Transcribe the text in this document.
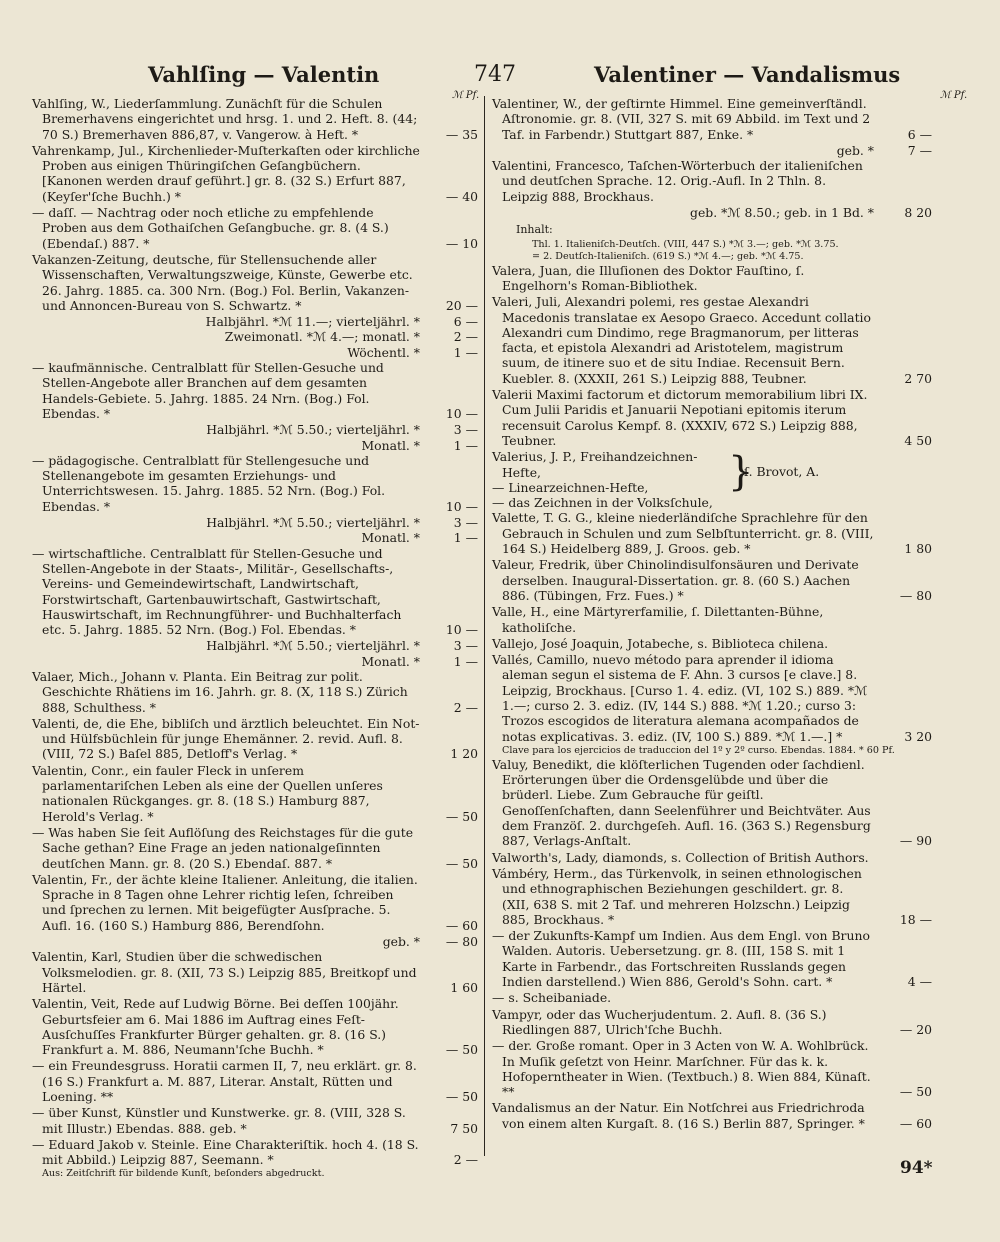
Vahlſing — Valentin	747	Valentiner — Vandalismus
ℳ Pf.	ℳ Pf.
Vahlſing, W., Liederſammlung. Zunächſt für die Schulen Bremerhavens eingerichtet und hrsg. 1. und 2. Heft. 8. (44; 70 S.) Bremerhaven 886,87, v. Vangerow. à Heft. *	— 35
Vahrenkamp, Jul., Kirchenlieder-Muſterkaſten oder kirchliche Proben aus einigen Thüringiſchen Geſangbüchern. [Kanonen werden drauf geführt.] gr. 8. (32 S.) Erfurt 887, (Keyſer'ſche Buchh.) *	— 40
— daſſ. — Nachtrag oder noch etliche zu empfehlende Proben aus dem Gothaiſchen Geſangbuche. gr. 8. (4 S.) (Ebendaſ.) 887. *	— 10
Vakanzen-Zeitung, deutsche, für Stellensuchende aller Wissenschaften, Verwaltungszweige, Künste, Gewerbe etc. 26. Jahrg. 1885. ca. 300 Nrn. (Bog.) Fol. Berlin, Vakanzen- und Annoncen-Bureau von S. Schwartz. *	20 —
Halbjährl. *ℳ 11.—; vierteljährl. *	6 —
Zweimonatl. *ℳ 4.—; monatl. *	2 —
Wöchentl. *	1 —
— kaufmännische. Centralblatt für Stellen-Gesuche und Stellen-Angebote aller Branchen auf dem gesamten Handels-Gebiete. 5. Jahrg. 1885. 24 Nrn. (Bog.) Fol. Ebendas. *	10 —
Halbjährl. *ℳ 5.50.; vierteljährl. *	3 —
Monatl. *	1 —
— pädagogische. Centralblatt für Stellengesuche und Stellenangebote im gesamten Erziehungs- und Unterrichtswesen. 15. Jahrg. 1885. 52 Nrn. (Bog.) Fol. Ebendas. *	10 —
Halbjährl. *ℳ 5.50.; vierteljährl. *	3 —
Monatl. *	1 —
— wirtschaftliche. Centralblatt für Stellen-Gesuche und Stellen-Angebote in der Staats-, Militär-, Gesellschafts-, Vereins- und Gemeindewirtschaft, Landwirtschaft, Forstwirtschaft, Gartenbauwirtschaft, Gastwirtschaft, Hauswirtschaft, im Rechnungführer- und Buchhalterfach etc. 5. Jahrg. 1885. 52 Nrn. (Bog.) Fol. Ebendas. *	10 —
Halbjährl. *ℳ 5.50.; vierteljährl. *	3 —
Monatl. *	1 —
Valaer, Mich., Johann v. Planta. Ein Beitrag zur polit. Geschichte Rhätiens im 16. Jahrh. gr. 8. (X, 118 S.) Zürich 888, Schulthess. *	2 —
Valenti, de, die Ehe, bibliſch und ärztlich beleuchtet. Ein Not- und Hülfsbüchlein für junge Ehemänner. 2. revid. Aufl. 8. (VIII, 72 S.) Baſel 885, Detloff's Verlag. *	1 20
Valentin, Conr., ein fauler Fleck in unſerem parlamentariſchen Leben als eine der Quellen unſeres nationalen Rückganges. gr. 8. (18 S.) Hamburg 887, Herold's Verlag. *	— 50
— Was haben Sie ſeit Auflöſung des Reichstages für die gute Sache gethan? Eine Frage an jeden nationalgeſinnten deutſchen Mann. gr. 8. (20 S.) Ebendaſ. 887. *	— 50
Valentin, Fr., der ächte kleine Italiener. Anleitung, die italien. Sprache in 8 Tagen ohne Lehrer richtig leſen, ſchreiben und ſprechen zu lernen. Mit beigefügter Ausſprache. 5. Aufl. 16. (160 S.) Hamburg 886, Berendſohn.	— 60
geb. *	— 80
Valentin, Karl, Studien über die schwedischen Volksmelodien. gr. 8. (XII, 73 S.) Leipzig 885, Breitkopf und Härtel.	1 60
Valentin, Veit, Rede auf Ludwig Börne. Bei deſſen 100jähr. Geburtsfeier am 6. Mai 1886 im Auftrag eines Feſt-Ausſchuſſes Frankfurter Bürger gehalten. gr. 8. (16 S.) Frankfurt a. M. 886, Neumann'ſche Buchh. *	— 50
— ein Freundesgruss. Horatii carmen II, 7, neu erklärt. gr. 8. (16 S.) Frankfurt a. M. 887, Literar. Anstalt, Rütten und Loening. **	— 50
— über Kunst, Künstler und Kunstwerke. gr. 8. (VIII, 328 S. mit Illustr.) Ebendas. 888. geb. *	7 50
— Eduard Jakob v. Steinle. Eine Charakteriſtik. hoch 4. (18 S. mit Abbild.) Leipzig 887, Seemann. *	2 —
Aus: Zeitſchrift für bildende Kunſt, beſonders abgedruckt.
Valentiner, W., der geſtirnte Himmel. Eine gemeinverſtändl. Aſtronomie. gr. 8. (VII, 327 S. mit 69 Abbild. im Text und 2 Taf. in Farbendr.) Stuttgart 887, Enke. *	6 —
geb. *	7 —
Valentini, Francesco, Taſchen-Wörterbuch der italieniſchen und deutſchen Sprache. 12. Orig.-Aufl. In 2 Thln. 8. Leipzig 888, Brockhaus.
geb. *ℳ 8.50.; geb. in 1 Bd. *	8 20
Inhalt:
Thl. 1. Italieniſch-Deutſch. (VIII, 447 S.) *ℳ 3.—; geb. *ℳ 3.75.
= 2. Deutſch-Italieniſch. (619 S.) *ℳ 4.—; geb. *ℳ 4.75.
Valera, Juan, die Illuſionen des Doktor Fauſtino, ſ. Engelhorn's Roman-Bibliothek.
Valeri, Juli, Alexandri polemi, res gestae Alexandri Macedonis translatae ex Aesopo Graeco. Accedunt collatio Alexandri cum Dindimo, rege Bragmanorum, per litteras facta, et epistola Alexandri ad Aristotelem, magistrum suum, de itinere suo et de situ Indiae. Recensuit Bern. Kuebler. 8. (XXXII, 261 S.) Leipzig 888, Teubner.	2 70
Valerii Maximi factorum et dictorum memorabilium libri IX. Cum Julii Paridis et Januarii Nepotiani epitomis iterum recensuit Carolus Kempf. 8. (XXXIV, 672 S.) Leipzig 888, Teubner.	4 50
Valerius, J. P., Freihandzeichnen-Hefte,
— Linearzeichnen-Hefte,
— das Zeichnen in der Volksſchule,
}
ſ. Brovot, A.
Valette, T. G. G., kleine niederländiſche Sprachlehre für den Gebrauch in Schulen und zum Selbſtunterricht. gr. 8. (VIII, 164 S.) Heidelberg 889, J. Groos. geb. *	1 80
Valeur, Fredrik, über Chinolindisulfonsäuren und Derivate derselben. Inaugural-Dissertation. gr. 8. (60 S.) Aachen 886. (Tübingen, Frz. Fues.) *	— 80
Valle, H., eine Märtyrerfamilie, ſ. Dilettanten-Bühne, katholiſche.
Vallejo, José Joaquin, Jotabeche, s. Biblioteca chilena.
Vallés, Camillo, nuevo método para aprender il idioma aleman segun el sistema de F. Ahn. 3 cursos [e clave.] 8. Leipzig, Brockhaus. [Curso 1. 4. ediz. (VI, 102 S.) 889. *ℳ 1.—; curso 2. 3. ediz. (IV, 144 S.) 888. *ℳ 1.20.; curso 3: Trozos escogidos de literatura alemana acompañados de notas explicativas. 3. ediz. (IV, 100 S.) 889. *ℳ 1.—.] *	3 20
Clave para los ejercicios de traduccion del 1º y 2º curso. Ebendas. 1884. * 60 Pf.
Valuy, Benedikt, die klöſterlichen Tugenden oder ſachdienl. Erörterungen über die Ordensgelübde und über die brüderl. Liebe. Zum Gebrauche für geiſtl. Genoſſenſchaften, dann Seelenführer und Beichtväter. Aus dem Franzöſ. 2. durchgeſeh. Aufl. 16. (363 S.) Regensburg 887, Verlags-Anſtalt.	— 90
Valworth's, Lady, diamonds, s. Collection of British Authors.
Vámbéry, Herm., das Türkenvolk, in seinen ethnologischen und ethnographischen Beziehungen geschildert. gr. 8. (XII, 638 S. mit 2 Taf. und mehreren Holzschn.) Leipzig 885, Brockhaus. *	18 —
— der Zukunfts-Kampf um Indien. Aus dem Engl. von Bruno Walden. Autoris. Uebersetzung. gr. 8. (III, 158 S. mit 1 Karte in Farbendr., das Fortschreiten Russlands gegen Indien darstellend.) Wien 886, Gerold's Sohn. cart. *	4 —
— s. Scheibaniade.
Vampyr, oder das Wucherjudentum. 2. Aufl. 8. (36 S.) Riedlingen 887, Ulrich'ſche Buchh.	— 20
— der. Große romant. Oper in 3 Acten von W. A. Wohlbrück. In Muſik geſetzt von Heinr. Marſchner. Für das k. k. Hofoperntheater in Wien. (Textbuch.) 8. Wien 884, Künaſt. **	— 50
Vandalismus an der Natur. Ein Notſchrei aus Friedrichroda von einem alten Kurgaſt. 8. (16 S.) Berlin 887, Springer. *	— 60
94*
